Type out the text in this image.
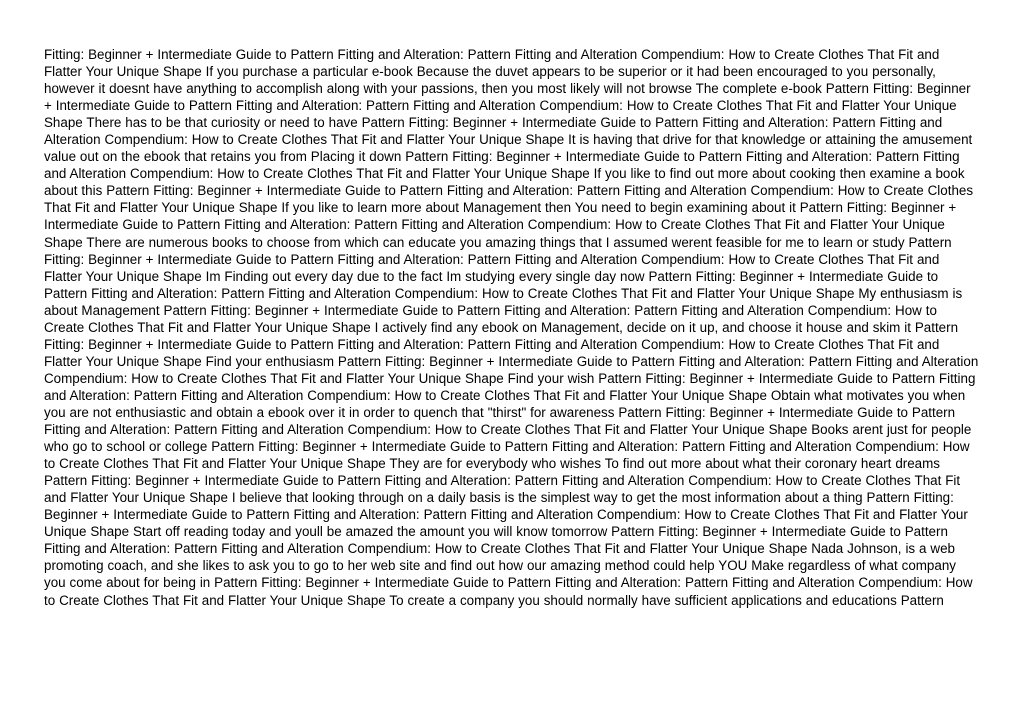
Fitting: Beginner + Intermediate Guide to Pattern Fitting and Alteration: Pattern Fitting and Alteration Compendium: How to Create Clothes That Fit and Flatter Your Unique Shape If you purchase a particular e-book Because the duvet appears to be superior or it had been encouraged to you personally, however it doesnt have anything to accomplish along with your passions, then you most likely will not browse The complete e-book Pattern Fitting: Beginner + Intermediate Guide to Pattern Fitting and Alteration: Pattern Fitting and Alteration Compendium: How to Create Clothes That Fit and Flatter Your Unique Shape There has to be that curiosity or need to have Pattern Fitting: Beginner + Intermediate Guide to Pattern Fitting and Alteration: Pattern Fitting and Alteration Compendium: How to Create Clothes That Fit and Flatter Your Unique Shape It is having that drive for that knowledge or attaining the amusement value out on the ebook that retains you from Placing it down Pattern Fitting: Beginner + Intermediate Guide to Pattern Fitting and Alteration: Pattern Fitting and Alteration Compendium: How to Create Clothes That Fit and Flatter Your Unique Shape If you like to find out more about cooking then examine a book about this Pattern Fitting: Beginner + Intermediate Guide to Pattern Fitting and Alteration: Pattern Fitting and Alteration Compendium: How to Create Clothes That Fit and Flatter Your Unique Shape If you like to learn more about Management then You need to begin examining about it Pattern Fitting: Beginner + Intermediate Guide to Pattern Fitting and Alteration: Pattern Fitting and Alteration Compendium: How to Create Clothes That Fit and Flatter Your Unique Shape There are numerous books to choose from which can educate you amazing things that I assumed werent feasible for me to learn or study Pattern Fitting: Beginner + Intermediate Guide to Pattern Fitting and Alteration: Pattern Fitting and Alteration Compendium: How to Create Clothes That Fit and Flatter Your Unique Shape Im Finding out every day due to the fact Im studying every single day now Pattern Fitting: Beginner + Intermediate Guide to Pattern Fitting and Alteration: Pattern Fitting and Alteration Compendium: How to Create Clothes That Fit and Flatter Your Unique Shape My enthusiasm is about Management Pattern Fitting: Beginner + Intermediate Guide to Pattern Fitting and Alteration: Pattern Fitting and Alteration Compendium: How to Create Clothes That Fit and Flatter Your Unique Shape I actively find any ebook on Management, decide on it up, and choose it house and skim it Pattern Fitting: Beginner + Intermediate Guide to Pattern Fitting and Alteration: Pattern Fitting and Alteration Compendium: How to Create Clothes That Fit and Flatter Your Unique Shape Find your enthusiasm Pattern Fitting: Beginner + Intermediate Guide to Pattern Fitting and Alteration: Pattern Fitting and Alteration Compendium: How to Create Clothes That Fit and Flatter Your Unique Shape Find your wish Pattern Fitting: Beginner + Intermediate Guide to Pattern Fitting and Alteration: Pattern Fitting and Alteration Compendium: How to Create Clothes That Fit and Flatter Your Unique Shape Obtain what motivates you when you are not enthusiastic and obtain a ebook over it in order to quench that "thirst" for awareness Pattern Fitting: Beginner + Intermediate Guide to Pattern Fitting and Alteration: Pattern Fitting and Alteration Compendium: How to Create Clothes That Fit and Flatter Your Unique Shape Books arent just for people who go to school or college Pattern Fitting: Beginner + Intermediate Guide to Pattern Fitting and Alteration: Pattern Fitting and Alteration Compendium: How to Create Clothes That Fit and Flatter Your Unique Shape They are for everybody who wishes To find out more about what their coronary heart dreams Pattern Fitting: Beginner + Intermediate Guide to Pattern Fitting and Alteration: Pattern Fitting and Alteration Compendium: How to Create Clothes That Fit and Flatter Your Unique Shape I believe that looking through on a daily basis is the simplest way to get the most information about a thing Pattern Fitting: Beginner + Intermediate Guide to Pattern Fitting and Alteration: Pattern Fitting and Alteration Compendium: How to Create Clothes That Fit and Flatter Your Unique Shape Start off reading today and youll be amazed the amount you will know tomorrow Pattern Fitting: Beginner + Intermediate Guide to Pattern Fitting and Alteration: Pattern Fitting and Alteration Compendium: How to Create Clothes That Fit and Flatter Your Unique Shape Nada Johnson, is a web promoting coach, and she likes to ask you to go to her web site and find out how our amazing method could help YOU Make regardless of what company you come about for being in Pattern Fitting: Beginner + Intermediate Guide to Pattern Fitting and Alteration: Pattern Fitting and Alteration Compendium: How to Create Clothes That Fit and Flatter Your Unique Shape To create a company you should normally have sufficient applications and educations Pattern
